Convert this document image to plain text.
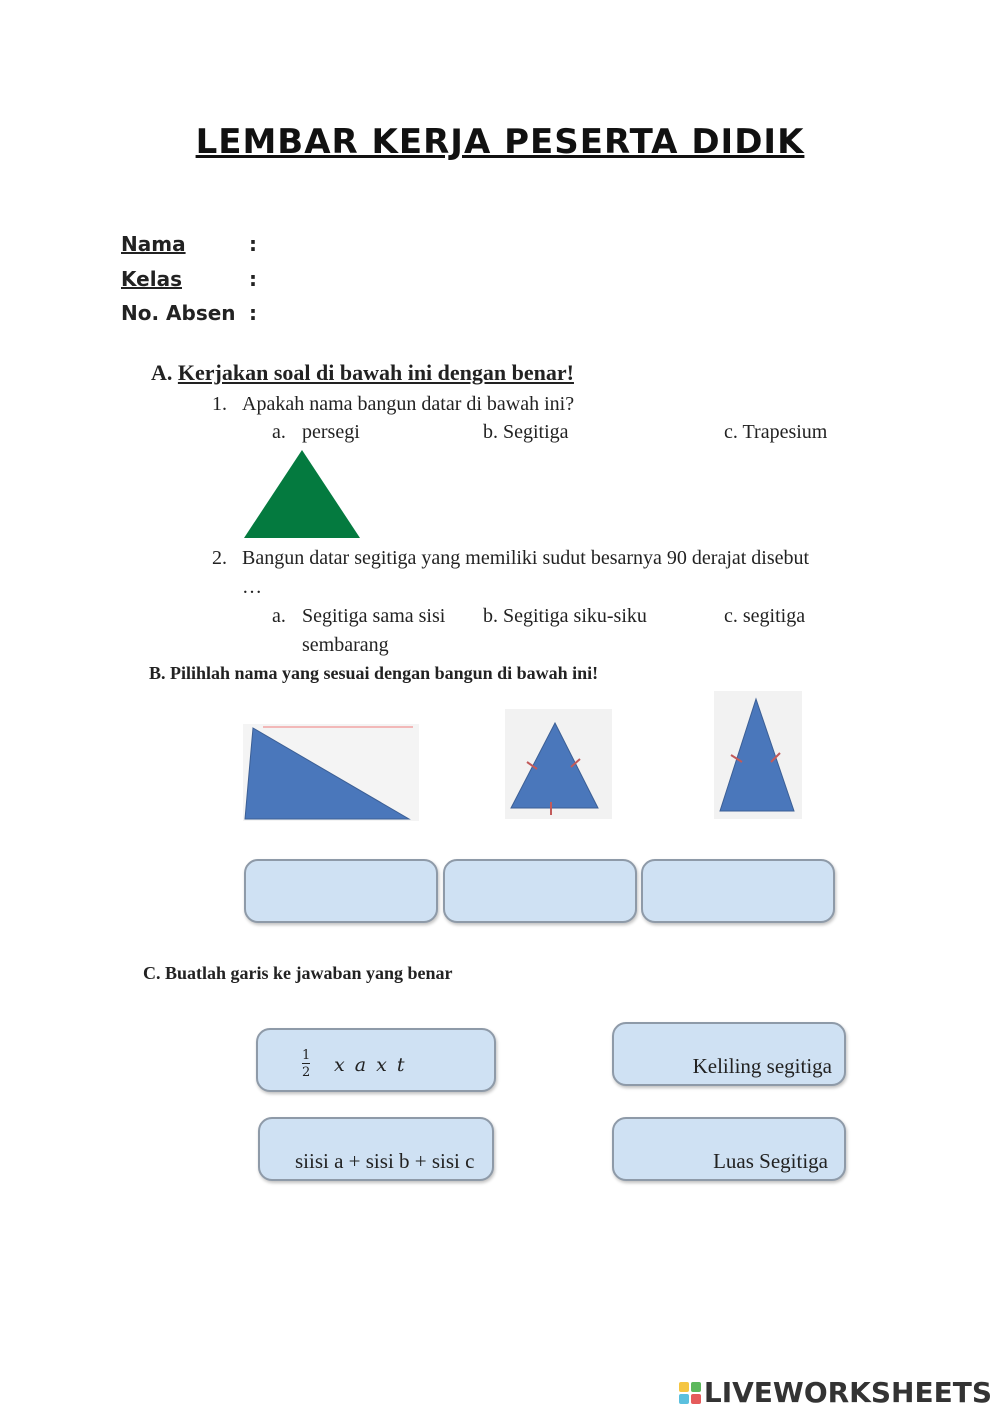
LEMBAR KERJA PESERTA DIDIK
Nama	:
Kelas	:
No. Absen :
A. Kerjakan soal di bawah ini dengan benar!
1. Apakah nama bangun datar di bawah ini?
a. persegi	b. Segitiga	c. Trapesium
2. Bangun datar segitiga yang memiliki sudut besarnya 90 derajat disebut
…
a. Segitiga sama sisi b. Segitiga siku-siku	c. segitiga
sembarang
B. Pilihlah nama yang sesuai dengan bangun di bawah ini!
C. Buatlah garis ke jawaban yang benar
1
2 x a x t
siisi a + sisi b + sisi c
Keliling segitiga
Luas Segitiga
LIVEWORKSHEETS
